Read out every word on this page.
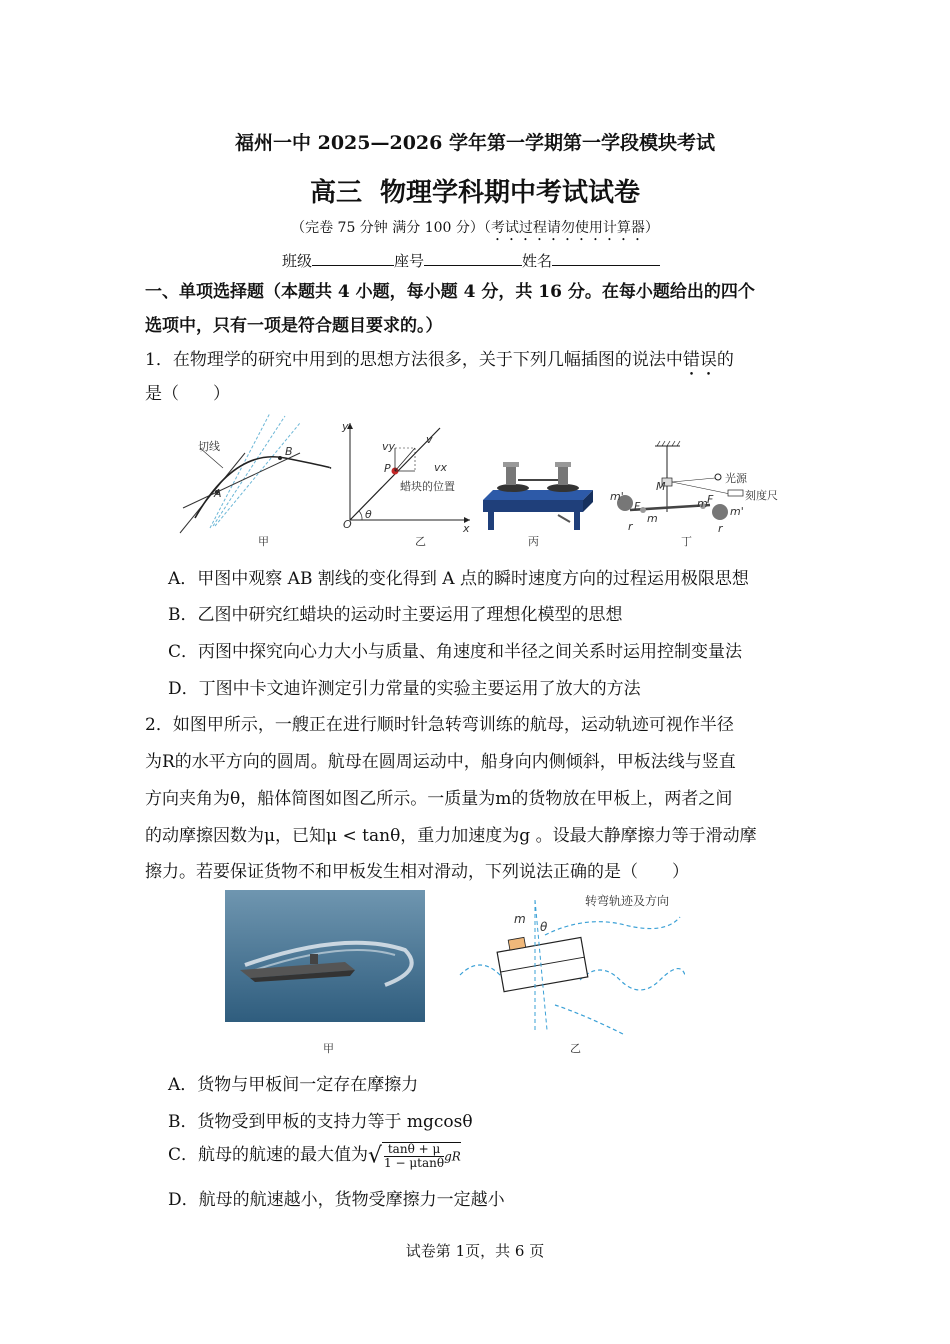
福州一中 2025—2026 学年第一学期第一学段模块考试
高三  物理学科期中考试试卷
（完卷 75 分钟 满分 100 分）（考试过程请勿使用计算器）
班级	座号	姓名
一、单项选择题（本题共 4 小题，每小题 4 分，共 16 分。在每小题给出的四个
选项中，只有一项是符合题目要求的。）
1．在物理学的研究中用到的思想方法很多，关于下列几幅插图的说法中错误的
是（　　）
切线
A
B
甲
y
x
O
θ
P
vy
v
vx
蜡块的位置
乙	丙
M
光源
刻度尺
m'
m'
m
m
F
F
r	r
丁
A．甲图中观察 AB 割线的变化得到 A 点的瞬时速度方向的过程运用极限思想
B．乙图中研究红蜡块的运动时主要运用了理想化模型的思想
C．丙图中探究向心力大小与质量、角速度和半径之间关系时运用控制变量法
D．丁图中卡文迪许测定引力常量的实验主要运用了放大的方法
2．如图甲所示，一艘正在进行顺时针急转弯训练的航母，运动轨迹可视作半径
为R的水平方向的圆周。航母在圆周运动中，船身向内侧倾斜，甲板法线与竖直
方向夹角为θ，船体简图如图乙所示。一质量为m的货物放在甲板上，两者之间
的动摩擦因数为μ，已知μ < tanθ，重力加速度为g 。设最大静摩擦力等于滑动摩
擦力。若要保证货物不和甲板发生相对滑动，下列说法正确的是（　　）
甲
转弯轨迹及方向
m
θ
乙
A．货物与甲板间一定存在摩擦力
B．货物受到甲板的支持力等于 mgcosθ
C．航母的航速的最大值为√ $\frac{\tan\theta + \mu}{1 - \mu\tan\theta}$ gR
D．航母的航速越小，货物受摩擦力一定越小
试卷第 1页，共 6 页
